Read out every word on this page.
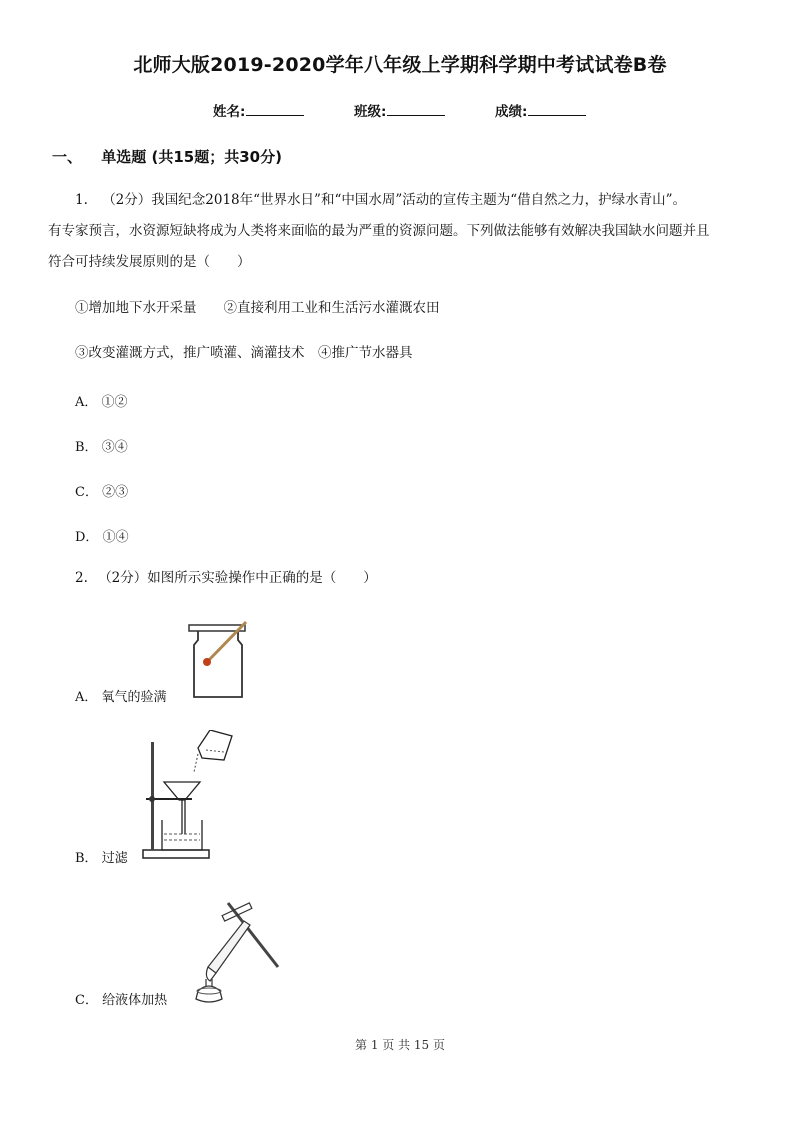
北师大版2019-2020学年八年级上学期科学期中考试试卷B卷
姓名:	班级:	成绩:
一、 单选题 (共15题；共30分)
1. （2分）我国纪念2018年“世界水日”和“中国水周”活动的宣传主题为“借自然之力，护绿水青山”。
有专家预言，水资源短缺将成为人类将来面临的最为严重的资源问题。下列做法能够有效解决我国缺水问题并且
符合可持续发展原则的是（　　）
①增加地下水开采量　　②直接利用工业和生活污水灌溉农田
③改变灌溉方式，推广喷灌、滴灌技术　④推广节水器具
A． ①②
B． ③④
C． ②③
D． ①④
2. （2分）如图所示实验操作中正确的是（　　）
A． 氧气的验满
B． 过滤
C． 给液体加热
第 1 页 共 15 页
